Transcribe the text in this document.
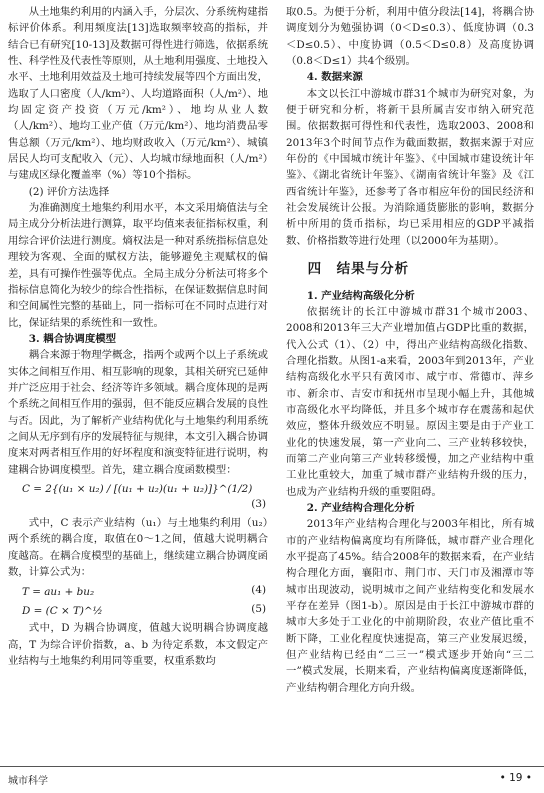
从土地集约利用的内涵入手，分层次、分系统构建指标评价体系。利用频度法[13]选取频率较高的指标，并结合已有研究[10-13]及数据可得性进行筛选，依据系统性、科学性及代表性等原则，从土地利用强度、土地投入水平、土地利用效益及土地可持续发展等四个方面出发，选取了人口密度（人/km²）、人均道路面积（人/m²）、地均固定资产投资（万元/km²）、地均从业人数（人/km²）、地均工业产值（万元/km²）、地均消费品零售总额（万元/km²）、地均财政收入（万元/km²）、城镇居民人均可支配收入（元）、人均城市绿地面积（人/m²）与建成区绿化覆盖率（%）等10个指标。

(2) 评价方法选择

为准确测度土地集约利用水平，本文采用熵值法与全局主成分分析法进行测算，取平均值来表征指标权重，利用综合评价法进行测度。熵权法是一种对系统指标信息处理较为客观、全面的赋权方法，能够避免主观赋权的偏差，具有可操作性强等优点。全局主成分分析法可将多个指标信息简化为较少的综合性指标，在保证数据信息时间和空间属性完整的基础上，同一指标可在不同时点进行对比，保证结果的系统性和一致性。

3. 耦合协调度模型

耦合来源于物理学概念，指两个或两个以上子系统或实体之间相互作用、相互影响的现象，其相关研究已延伸并广泛应用于社会、经济等许多领域。耦合度体现的是两个系统之间相互作用的强弱，但不能反应耦合发展的良性与否。因此，为了解析产业结构优化与土地集约利用系统之间从无序到有序的发展特征与规律，本文引入耦合协调度来对两者相互作用的好坏程度和演变特征进行说明，构建耦合协调度模型。首先，建立耦合度函数模型：

C = 2{(u₁ × u₂) / [(u₁ + u₂)(u₁ + u₂)]}^(1/2)
(3)

式中，C 表示产业结构（u₁）与土地集约利用（u₂）两个系统的耦合度，取值在0～1之间，值越大说明耦合度越高。在耦合度模型的基础上，继续建立耦合协调度函数，计算公式为：

T = au₁ + bu₂	(4)
D = (C × T)^½	(5)

式中，D 为耦合协调度，值越大说明耦合协调度越高，T 为综合评价指数，a、b 为待定系数，本文假定产业结构与土地集约利用同等重要，权重系数均

取0.5。为便于分析，利用中值分段法[14]，将耦合协调度划分为勉强协调（0＜D≤0.3）、低度协调（0.3＜D≤0.5）、中度协调（0.5＜D≤0.8）及高度协调（0.8＜D≤1）共4个级别。

4. 数据来源

本文以长江中游城市群31个城市为研究对象，为便于研究和分析，将新干县所属吉安市纳入研究范围。依据数据可得性和代表性，选取2003、2008和2013年3个时间节点作为截面数据，数据来源于对应年份的《中国城市统计年鉴》、《中国城市建设统计年鉴》、《湖北省统计年鉴》、《湖南省统计年鉴》及《江西省统计年鉴》，还参考了各市相应年份的国民经济和社会发展统计公报。为消除通货膨胀的影响，数据分析中所用的货币指标，均已采用相应的GDP平减指数、价格指数等进行处理（以2000年为基期）。

四　结果与分析
1. 产业结构高级化分析

依据统计的长江中游城市群31个城市2003、2008和2013年三大产业增加值占GDP比重的数据，代入公式（1）、（2）中，得出产业结构高级化指数、合理化指数。从图1-a来看，2003年到2013年，产业结构高级化水平只有黄冈市、咸宁市、常德市、萍乡市、新余市、吉安市和抚州市呈现小幅上升，其他城市高级化水平均降低，并且多个城市存在震荡和起伏效应，整体升级效应不明显。原因主要是由于产业工业化的快速发展，第一产业向二、三产业转移较快，而第二产业向第三产业转移缓慢，加之产业结构中重工业比重较大，加重了城市群产业结构升级的压力，也成为产业结构升级的重要阻碍。

2. 产业结构合理化分析

2013年产业结构合理化与2003年相比，所有城市的产业结构偏离度均有所降低，城市群产业合理化水平提高了45%。结合2008年的数据来看，在产业结构合理化方面，襄阳市、荆门市、天门市及湘潭市等城市出现波动，说明城市之间产业结构变化和发展水平存在差异（图1-b）。原因是由于长江中游城市群的城市大多处于工业化的中前期阶段，农业产值比重不断下降，工业化程度快速提高，第三产业发展迟缓，但产业结构已经由“二三一”模式逐步开始向“三二一”模式发展，长期来看，产业结构偏离度逐渐降低，产业结构朝合理化方向升级。

城市科学	• 19 •
